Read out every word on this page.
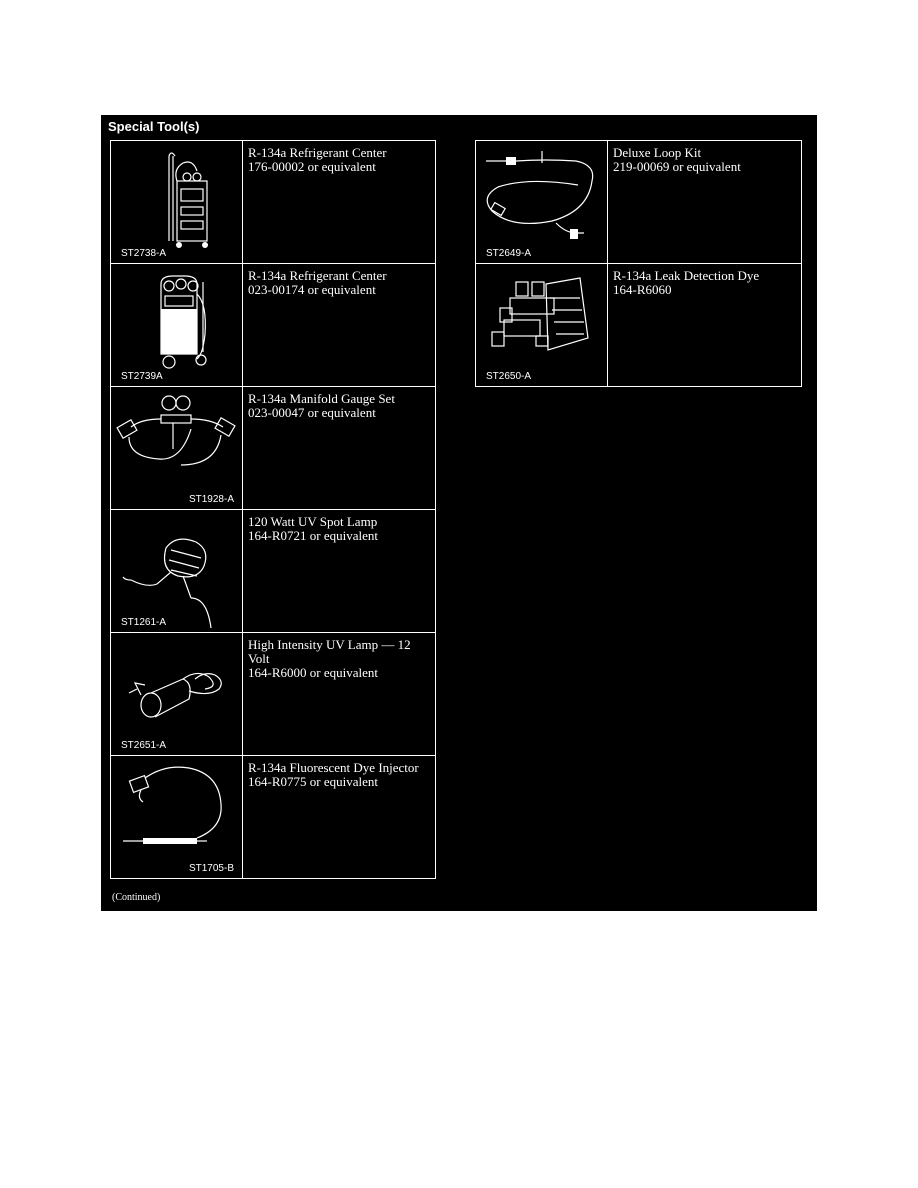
Special Tool(s)
ST2738-A
R-134a Refrigerant Center
176-00002 or equivalent
ST2739A
R-134a Refrigerant Center
023-00174 or equivalent
ST1928-A
R-134a Manifold Gauge Set
023-00047 or equivalent
ST1261-A
120 Watt UV Spot Lamp
164-R0721 or equivalent
ST2651-A
High Intensity UV Lamp — 12
Volt
164-R6000 or equivalent
ST1705-B
R-134a Fluorescent Dye Injector
164-R0775 or equivalent
ST2649-A
Deluxe Loop Kit
219-00069 or equivalent
ST2650-A
R-134a Leak Detection Dye
164-R6060
(Continued)
